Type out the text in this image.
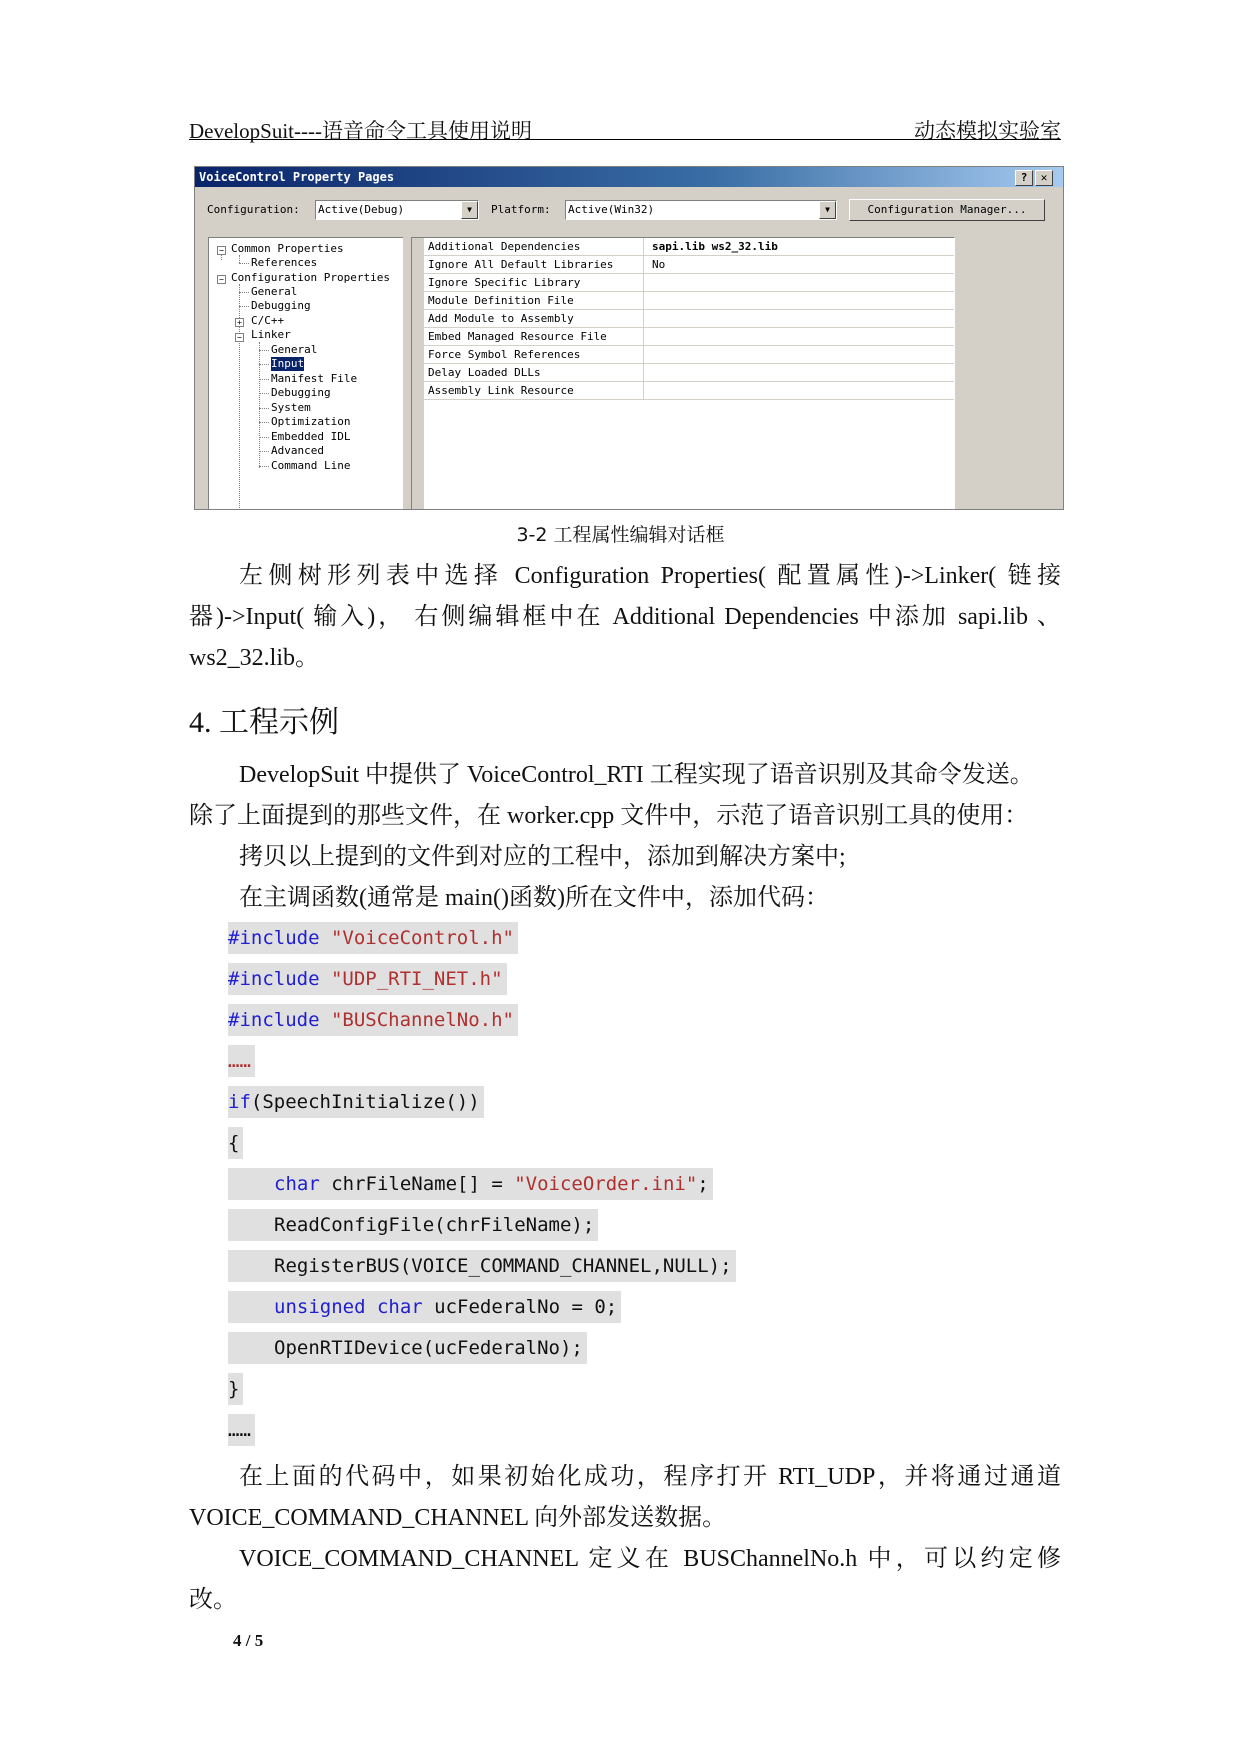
DevelopSuit----语音命令工具使用说明	动态模拟实验室
VoiceControl Property Pages	?	✕
Configuration: Active(Debug)	▼	Platform: Active(Win32)	▼	Configuration Manager...
− Common Properties
References
− Configuration Properties
General
Debugging
+ C/C++
− Linker
General
Input
Manifest File
Debugging
System
Optimization
Embedded IDL
Advanced
Command Line
Additional Dependencies	sapi.lib ws2_32.lib
Ignore All Default Libraries	No
Ignore Specific Library
Module Definition File
Add Module to Assembly
Embed Managed Resource File
Force Symbol References
Delay Loaded DLLs
Assembly Link Resource
3-2 工程属性编辑对话框
左侧树形列表中选择 Configuration Properties( 配置属性)->Linker( 链接
器)->Input( 输入)， 右侧编辑框中在 Additional Dependencies 中添加 sapi.lib 、
ws2_32.lib。
4. 工程示例
DevelopSuit 中提供了 VoiceControl_RTI 工程实现了语音识别及其命令发送。
除了上面提到的那些文件，在 worker.cpp 文件中，示范了语音识别工具的使用：
拷贝以上提到的文件到对应的工程中，添加到解决方案中;
在主调函数(通常是 main()函数)所在文件中，添加代码：
#include "VoiceControl.h"
#include "UDP_RTI_NET.h"
#include "BUSChannelNo.h"
……
if(SpeechInitialize())
{
char chrFileName[] = "VoiceOrder.ini";
ReadConfigFile(chrFileName);
RegisterBUS(VOICE_COMMAND_CHANNEL,NULL);
unsigned char ucFederalNo = 0;
OpenRTIDevice(ucFederalNo);
}
……
在上面的代码中，如果初始化成功，程序打开 RTI_UDP，并将通过通道
VOICE_COMMAND_CHANNEL 向外部发送数据。
VOICE_COMMAND_CHANNEL 定义在 BUSChannelNo.h 中，可以约定修
改。
4 / 5
